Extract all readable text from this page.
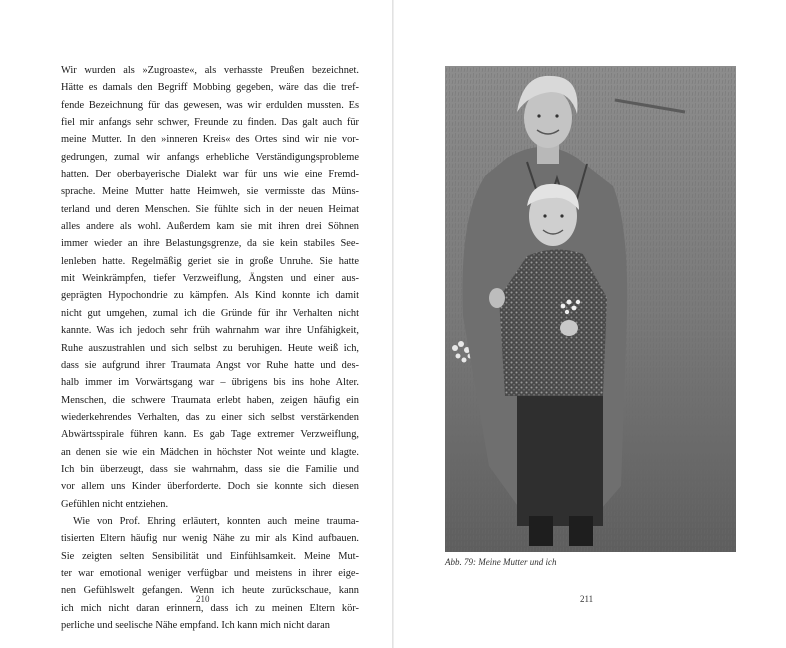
Wir wurden als »Zugroaste«, als verhasste Preußen bezeichnet.
Hätte es damals den Begriff Mobbing gegeben, wäre das die tref-
fende Bezeichnung für das gewesen, was wir erdulden mussten. Es
fiel mir anfangs sehr schwer, Freunde zu finden. Das galt auch für
meine Mutter. In den »inneren Kreis« des Ortes sind wir nie vor-
gedrungen, zumal wir anfangs erhebliche Verständigungsprobleme
hatten. Der oberbayerische Dialekt war für uns wie eine Fremd-
sprache. Meine Mutter hatte Heimweh, sie vermisste das Müns-
terland und deren Menschen. Sie fühlte sich in der neuen Heimat
alles andere als wohl. Außerdem kam sie mit ihren drei Söhnen
immer wieder an ihre Belastungsgrenze, da sie kein stabiles See-
lenleben hatte. Regelmäßig geriet sie in große Unruhe. Sie hatte
mit Weinkrämpfen, tiefer Verzweiflung, Ängsten und einer aus-
geprägten Hypochondrie zu kämpfen. Als Kind konnte ich damit
nicht gut umgehen, zumal ich die Gründe für ihr Verhalten nicht
kannte. Was ich jedoch sehr früh wahrnahm war ihre Unfähigkeit,
Ruhe auszustrahlen und sich selbst zu beruhigen. Heute weiß ich,
dass sie aufgrund ihrer Traumata Angst vor Ruhe hatte und des-
halb immer im Vorwärtsgang war – übrigens bis ins hohe Alter.
Menschen, die schwere Traumata erlebt haben, zeigen häufig ein
wiederkehrendes Verhalten, das zu einer sich selbst verstärkenden
Abwärtsspirale führen kann. Es gab Tage extremer Verzweiflung,
an denen sie wie ein Mädchen in höchster Not weinte und klagte.
Ich bin überzeugt, dass sie wahrnahm, dass sie die Familie und
vor allem uns Kinder überforderte. Doch sie konnte sich diesen
Gefühlen nicht entziehen.
Wie von Prof. Ehring erläutert, konnten auch meine trauma-
tisierten Eltern häufig nur wenig Nähe zu mir als Kind aufbauen.
Sie zeigten selten Sensibilität und Einfühlsamkeit. Meine Mut-
ter war emotional weniger verfügbar und meistens in ihrer eige-
nen Gefühlswelt gefangen. Wenn ich heute zurückschaue, kann
ich mich nicht daran erinnern, dass ich zu meinen Eltern kör-
perliche und seelische Nähe empfand. Ich kann mich nicht daran
210
Abb. 79: Meine Mutter und ich
211
